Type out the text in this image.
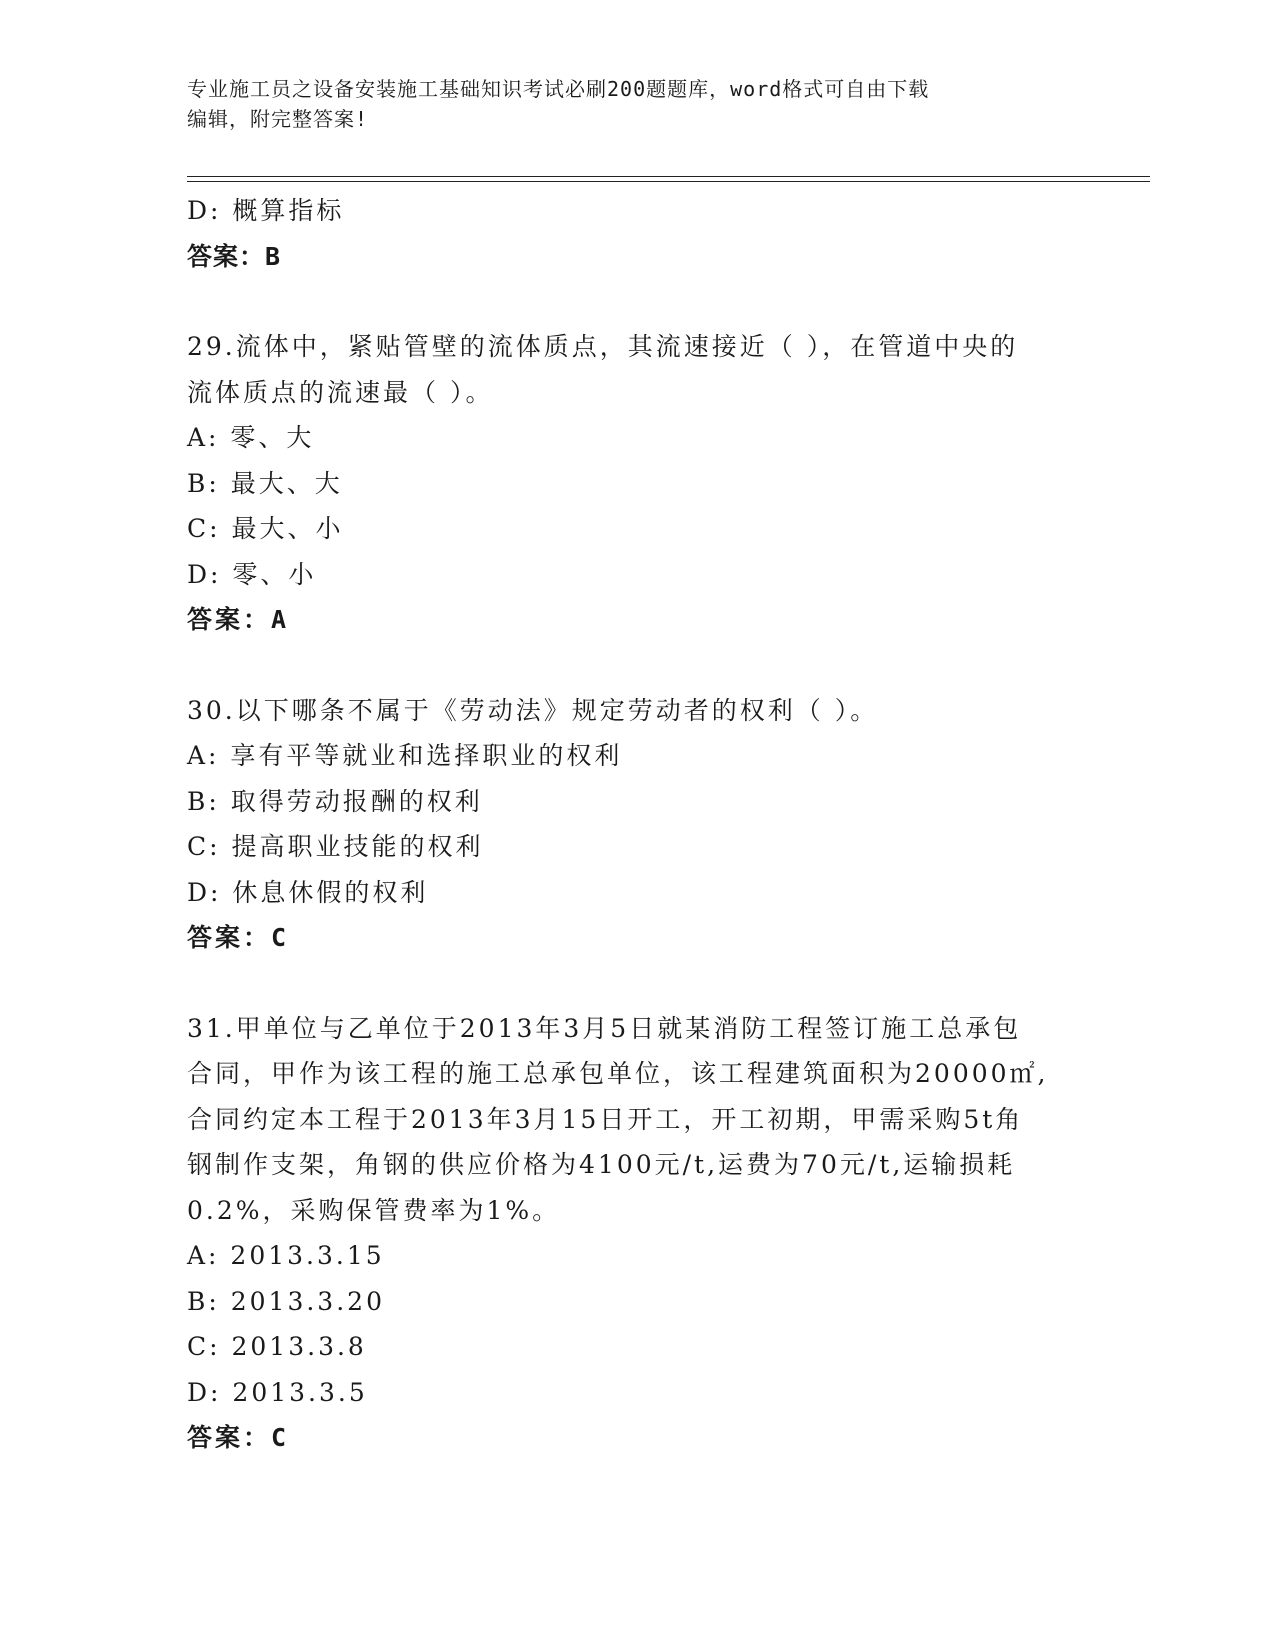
专业施工员之设备安装施工基础知识考试必刷200题题库，word格式可自由下载
编辑，附完整答案!
D: 概算指标
答案：B
29.流体中，紧贴管壁的流体质点，其流速接近（ ），在管道中央的
流体质点的流速最（ ）。
A: 零、大
B: 最大、大
C: 最大、小
D: 零、小
答案：A
30.以下哪条不属于《劳动法》规定劳动者的权利（ ）。
A: 享有平等就业和选择职业的权利
B: 取得劳动报酬的权利
C: 提高职业技能的权利
D: 休息休假的权利
答案：C
31.甲单位与乙单位于2013年3月5日就某消防工程签订施工总承包
合同，甲作为该工程的施工总承包单位，该工程建筑面积为20000㎡,
合同约定本工程于2013年3月15日开工，开工初期，甲需采购5t角
钢制作支架，角钢的供应价格为4100元/t,运费为70元/t,运输损耗
0.2%，采购保管费率为1%。
A: 2013.3.15
B: 2013.3.20
C: 2013.3.8
D: 2013.3.5
答案：C
